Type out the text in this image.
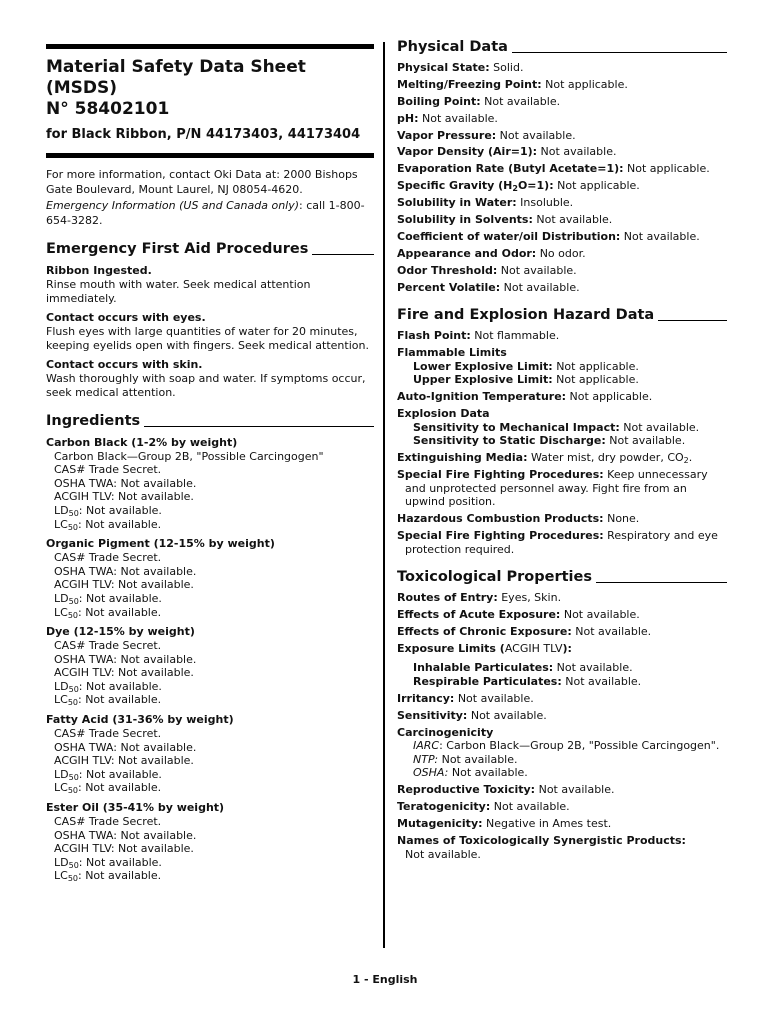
Material Safety Data Sheet (MSDS)
N° 58402101

for Black Ribbon, P/N 44173403, 44173404

For more information, contact Oki Data at: 2000 Bishops Gate Boulevard, Mount Laurel, NJ 08054-4620.

Emergency Information (US and Canada only): call 1-800-654-3282.

Emergency First Aid Procedures
Ribbon Ingested.
Rinse mouth with water. Seek medical attention immediately.
Contact occurs with eyes.
Flush eyes with large quantities of water for 20 minutes, keeping eyelids open with fingers. Seek medical attention.
Contact occurs with skin.
Wash thoroughly with soap and water. If symptoms occur, seek medical attention.
Ingredients
Carbon Black (1-2% by weight)
Carbon Black—Group 2B, "Possible Carcingogen"
CAS# Trade Secret.
OSHA TWA: Not available.
ACGIH TLV: Not available.
$LD_{50}$: Not available.
$LC_{50}$: Not available.
Organic Pigment (12-15% by weight)
CAS# Trade Secret.
OSHA TWA: Not available.
ACGIH TLV: Not available.
$LD_{50}$: Not available.
$LC_{50}$: Not available.
Dye (12-15% by weight)
CAS# Trade Secret.
OSHA TWA: Not available.
ACGIH TLV: Not available.
$LD_{50}$: Not available.
$LC_{50}$: Not available.
Fatty Acid (31-36% by weight)
CAS# Trade Secret.
OSHA TWA: Not available.
ACGIH TLV: Not available.
$LD_{50}$: Not available.
$LC_{50}$: Not available.
Ester Oil (35-41% by weight)
CAS# Trade Secret.
OSHA TWA: Not available.
ACGIH TLV: Not available.
$LD_{50}$: Not available.
$LC_{50}$: Not available.
Physical Data
Physical State: Solid.
Melting/Freezing Point: Not applicable.
Boiling Point: Not available.
pH: Not available.
Vapor Pressure: Not available.
Vapor Density (Air=1): Not available.
Evaporation Rate (Butyl Acetate=1): Not applicable.
Specific Gravity $(H_2O=1)$: Not applicable.
Solubility in Water: Insoluble.
Solubility in Solvents: Not available.
Coefficient of water/oil Distribution: Not available.
Appearance and Odor: No odor.
Odor Threshold: Not available.
Percent Volatile: Not available.
Fire and Explosion Hazard Data
Flash Point: Not flammable.
Flammable Limits
Lower Explosive Limit: Not applicable.
Upper Explosive Limit: Not applicable.
Auto-Ignition Temperature: Not applicable.
Explosion Data
Sensitivity to Mechanical Impact: Not available.
Sensitivity to Static Discharge: Not available.
Extinguishing Media: Water mist, dry powder, $CO_2$.
Special Fire Fighting Procedures: Keep unnecessary and unprotected personnel away. Fight fire from an upwind position.
Hazardous Combustion Products: None.
Special Fire Fighting Procedures: Respiratory and eye protection required.
Toxicological Properties
Routes of Entry: Eyes, Skin.
Effects of Acute Exposure: Not available.
Effects of Chronic Exposure: Not available.
Exposure Limits (ACGIH TLV):
Inhalable Particulates: Not available.
Respirable Particulates: Not available.
Irritancy: Not available.
Sensitivity: Not available.
Carcinogenicity
IARC: Carbon Black—Group 2B, "Possible Carcingogen".
NTP: Not available.
OSHA: Not available.
Reproductive Toxicity: Not available.
Teratogenicity: Not available.
Mutagenicity: Negative in Ames test.
Names of Toxicologically Synergistic Products:
Not available.
1 - English
